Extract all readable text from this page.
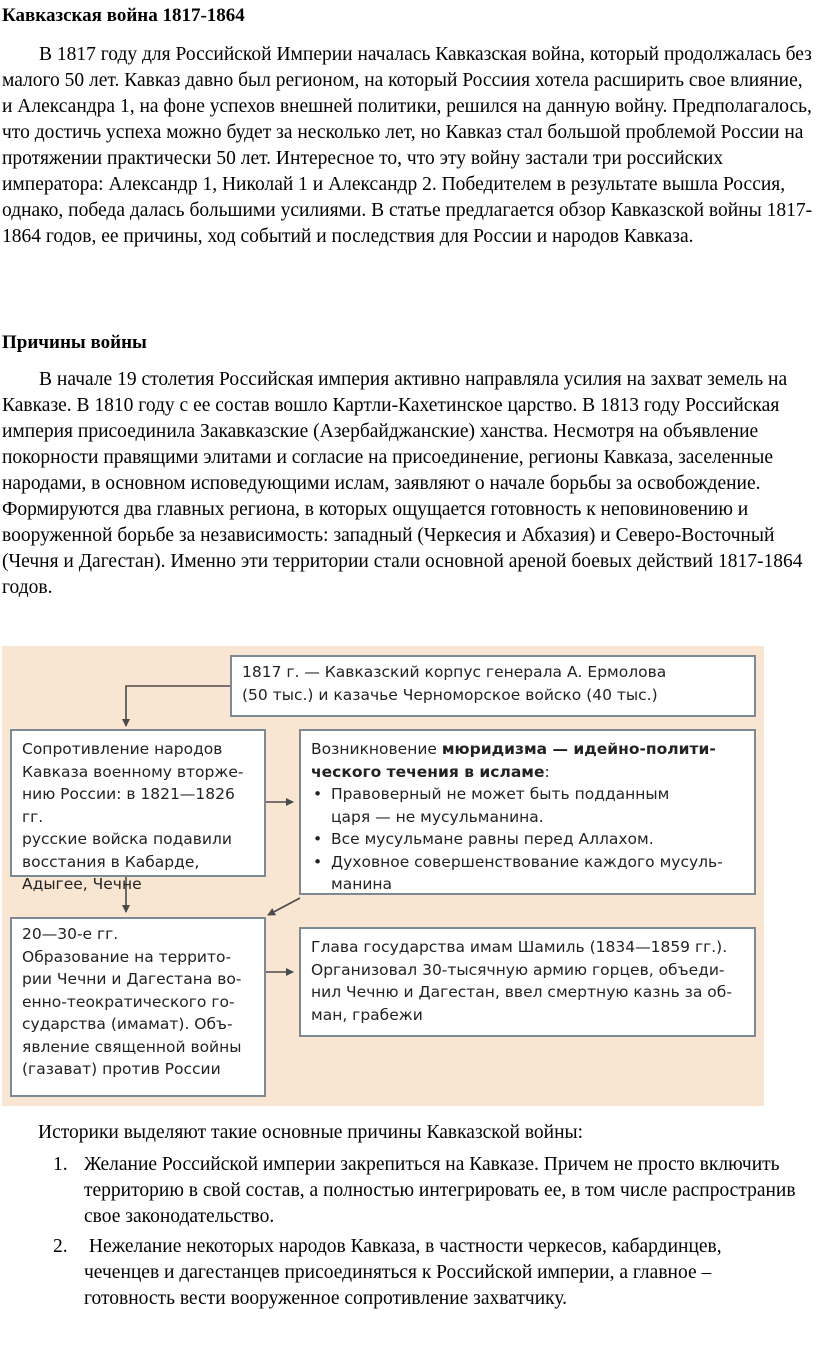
Кавказская война 1817-1864
В 1817 году для Российской Империи началась Кавказская война, который продолжалась без малого 50 лет. Кавказ давно был регионом, на который Россиия хотела расширить свое влияние, и Александра 1, на фоне успехов внешней политики, решился на данную войну. Предполагалось, что достичь успеха можно будет за несколько лет, но Кавказ стал большой проблемой России на протяжении практически 50 лет. Интересное то, что эту войну застали три российских императора: Александр 1, Николай 1 и Александр 2. Победителем в результате вышла Россия, однако, победа далась большими усилиями. В статье предлагается обзор Кавказской войны 1817-1864 годов, ее причины, ход событий и последствия для России и народов Кавказа.
Причины войны
В начале 19 столетия Российская империя активно направляла усилия на захват земель на Кавказе. В 1810 году с ее состав вошло Картли-Кахетинское царство. В 1813 году Российская империя присоединила Закавказские (Азербайджанские) ханства. Несмотря на объявление покорности правящими элитами и согласие на присоединение, регионы Кавказа, заселенные народами, в основном исповедующими ислам, заявляют о начале борьбы за освобождение. Формируются два главных региона, в которых ощущается готовность к неповиновению и вооруженной борьбе за независимость: западный (Черкесия и Абхазия) и Северо-Восточный (Чечня и Дагестан). Именно эти территории стали основной ареной боевых действий 1817-1864 годов.
1817 г. — Кавказский корпус генерала А. Ермолова
(50 тыс.) и казачье Черноморское войско (40 тыс.)
Сопротивление народов
Кавказа военному вторже-
нию России: в 1821—1826 гг.
русские войска подавили
восстания в Кабарде,
Адыгее, Чечне
Возникновение мюридизма — идейно-полити-
ческого течения в исламе:
• Правоверный не может быть подданным
царя — не мусульманина.
• Все мусульмане равны перед Аллахом.
• Духовное совершенствование каждого мусуль-
манина
20—30-е гг.
Образование на террито-
рии Чечни и Дагестана во-
енно-теократического го-
сударства (имамат). Объ-
явление священной войны
(газават) против России
Глава государства имам Шамиль (1834—1859 гг.).
Организовал 30-тысячную армию горцев, объеди-
нил Чечню и Дагестан, ввел смертную казнь за об-
ман, грабежи
Историки выделяют такие основные причины Кавказской войны:
1. Желание Российской империи закрепиться на Кавказе. Причем не просто включить территорию в свой состав, а полностью интегрировать ее, в том числе распространив свое законодательство.
2. Нежелание некоторых народов Кавказа, в частности черкесов, кабардинцев, чеченцев и дагестанцев присоединяться к Российской империи, а главное – готовность вести вооруженное сопротивление захватчику.
